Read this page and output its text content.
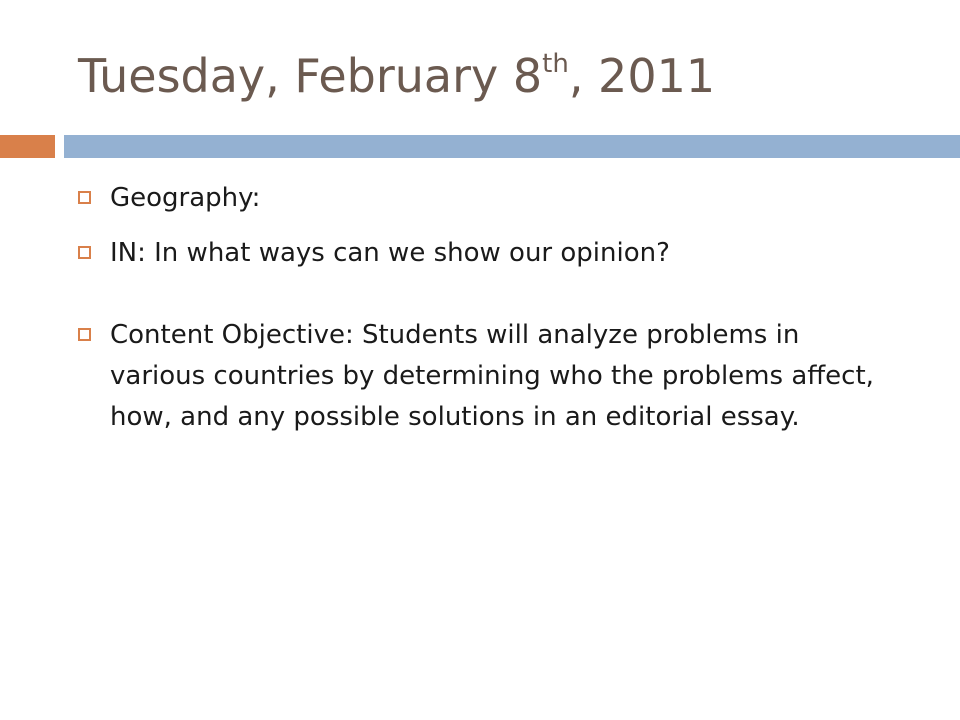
Tuesday, February 8th, 2011
Geography:
IN: In what ways can we show our opinion?
Content Objective: Students will analyze problems in various countries by determining who the problems affect, how, and any possible solutions in an editorial essay.
